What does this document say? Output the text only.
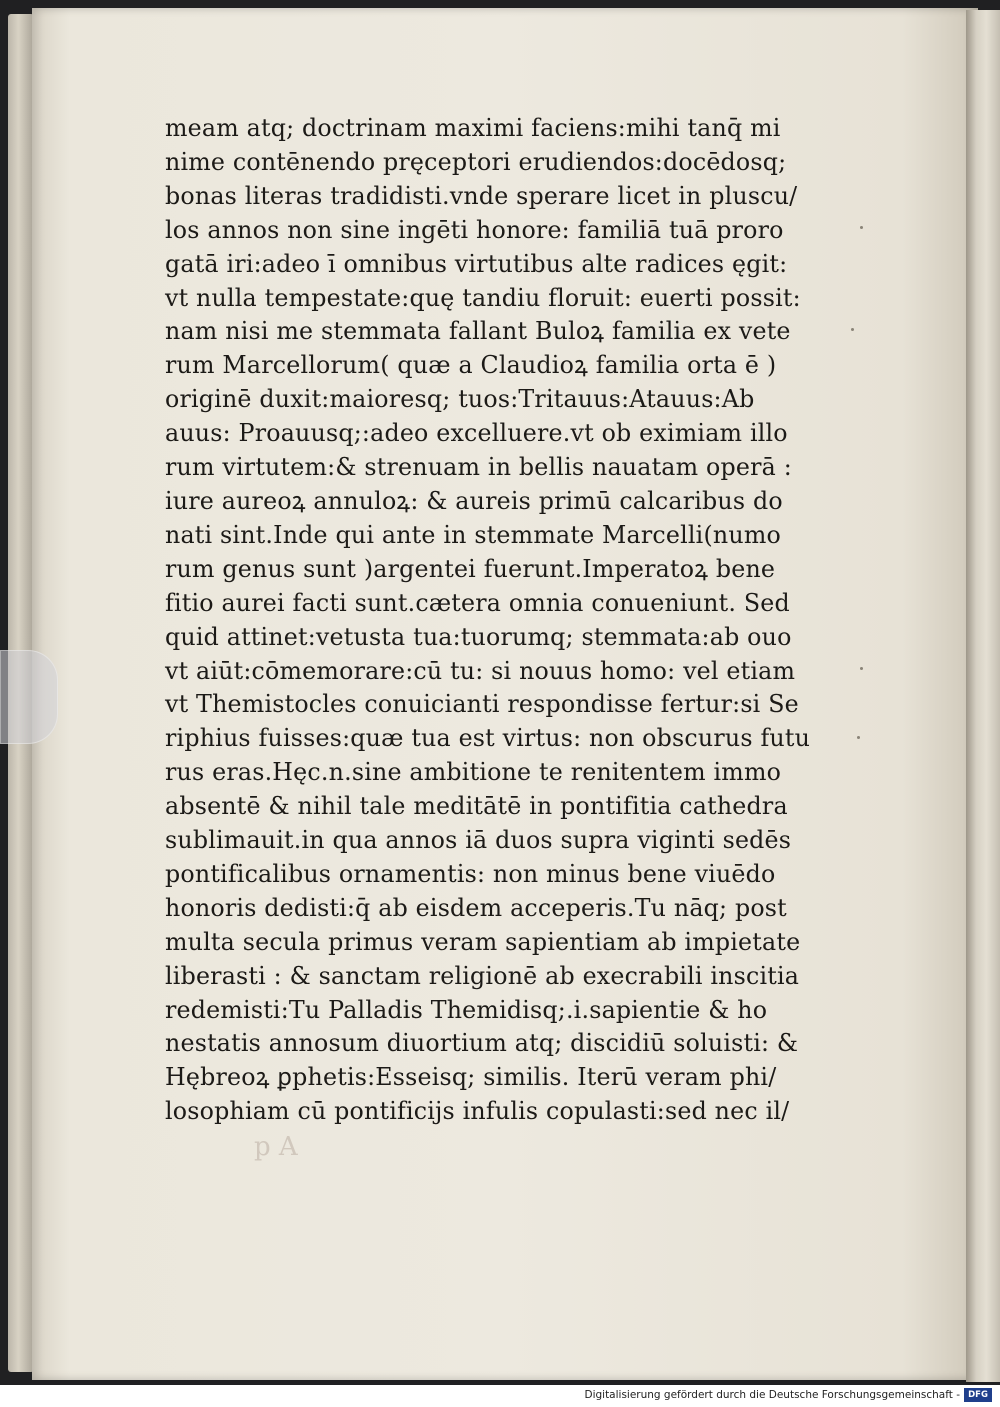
meam atq; doctrinam maximi faciens:mihi tanq̄ mi
nime contēnendo pręceptori erudiendos:docēdosq;
bonas literas tradidisti.vnde sperare licet in pluscu/
los annos non sine ingēti honore: familiā tuā proro
gatā iri:adeo ī omnibus virtutibus alte radices ęgit:
vt nulla tempestate:quę tandiu floruit: euerti possit:
nam nisi me stemmata fallant Buloꝝ familia ex vete
rum Marcellorum( quæ a Claudioꝝ familia orta ē )
originē duxit:maioresq; tuos:Tritauus:Atauus:Ab
auus: Proauusq;:adeo excelluere.vt ob eximiam illo
rum virtutem:& strenuam in bellis nauatam operā :
iure aureoꝝ annuloꝝ: & aureis primū calcaribus do
nati sint.Inde qui ante in stemmate Marcelli(numo
rum genus sunt )argentei fuerunt.Imperatoꝝ bene
fitio aurei facti sunt.cætera omnia conueniunt. Sed
quid attinet:vetusta tua:tuorumq; stemmata:ab ouo
vt aiūt:cōmemorare:cū tu: si nouus homo: vel etiam
vt Themistocles conuicianti respondisse fertur:si Se
riphius fuisses:quæ tua est virtus: non obscurus futu
rus eras.Hęc.n.sine ambitione te renitentem immo
absentē & nihil tale meditātē in pontifitia cathedra
sublimauit.in qua annos iā duos supra viginti sedēs
pontificalibus ornamentis: non minus bene viuēdo
honoris dedisti:q̄ ab eisdem acceperis.Tu nāq; post
multa secula primus veram sapientiam ab impietate
liberasti : & sanctam religionē ab execrabili inscitia
redemisti:Tu Palladis Themidisq;.i.sapientie & ho
nestatis annosum diuortium atq; discidiū soluisti: &
Hębreoꝝ ꝑphetis:Esseisq; similis. Iterū veram phi/
losophiam cū pontificijs infulis copulasti:sed nec il/
p A
Digitalisierung gefördert durch die Deutsche Forschungsgemeinschaft - DFG
